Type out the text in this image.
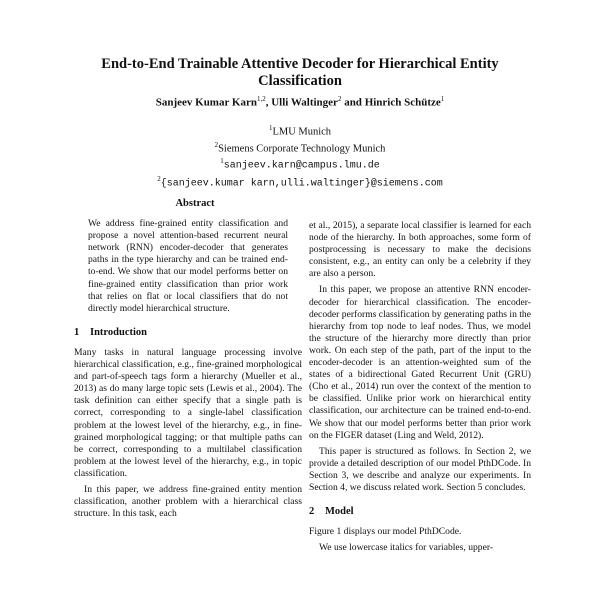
End-to-End Trainable Attentive Decoder for Hierarchical Entity Classification
Sanjeev Kumar Karn$^{1,2}$, Ulli Waltinger$^2$ and Hinrich Schütze$^1$
$^1$LMU Munich
$^2$Siemens Corporate Technology Munich
$^1$sanjeev.karn@campus.lmu.de
$^2${sanjeev.kumar karn,ulli.waltinger}@siemens.com
Abstract

We address fine-grained entity classification and propose a novel attention-based recurrent neural network (RNN) encoder-decoder that generates paths in the type hierarchy and can be trained end-to-end. We show that our model performs better on fine-grained entity classification than prior work that relies on flat or local classifiers that do not directly model hierarchical structure.

1 Introduction

Many tasks in natural language processing involve hierarchical classification, e.g., fine-grained morphological and part-of-speech tags form a hierarchy (Mueller et al., 2013) as do many large topic sets (Lewis et al., 2004). The task definition can either specify that a single path is correct, corresponding to a single-label classification problem at the lowest level of the hierarchy, e.g., in fine-grained morphological tagging; or that multiple paths can be correct, corresponding to a multilabel classification problem at the lowest level of the hierarchy, e.g., in topic classification.

In this paper, we address fine-grained entity mention classification, another problem with a hierarchical class structure. In this task, each

et al., 2015), a separate local classifier is learned for each node of the hierarchy. In both approaches, some form of postprocessing is necessary to make the decisions consistent, e.g., an entity can only be a celebrity if they are also a person.

In this paper, we propose an attentive RNN encoder-decoder for hierarchical classification. The encoder-decoder performs classification by generating paths in the hierarchy from top node to leaf nodes. Thus, we model the structure of the hierarchy more directly than prior work. On each step of the path, part of the input to the encoder-decoder is an attention-weighted sum of the states of a bidirectional Gated Recurrent Unit (GRU) (Cho et al., 2014) run over the context of the mention to be classified. Unlike prior work on hierarchical entity classification, our architecture can be trained end-to-end. We show that our model performs better than prior work on the FIGER dataset (Ling and Weld, 2012).

This paper is structured as follows. In Section 2, we provide a detailed description of our model PthDCode. In Section 3, we describe and analyze our experiments. In Section 4, we discuss related work. Section 5 concludes.

2 Model

Figure 1 displays our model PthDCode.

We use lowercase italics for variables, upper-
